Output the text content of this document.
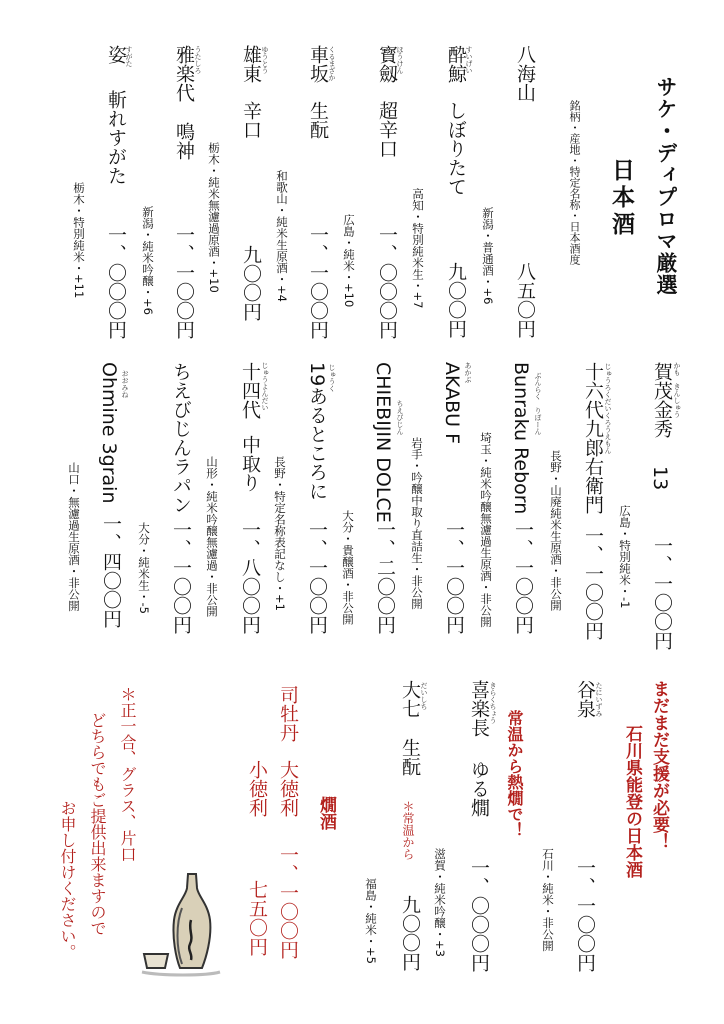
サケ・ディプロマ厳選
銘柄・産地・特定名称・日本酒度 日本酒
八海山
八五〇円
新潟・普通酒・+6
すいげい
酔鯨
しぼりたて
九〇〇円
高知・特別純米生・+7
ほうけん
寳劔
超辛口
一、〇〇〇円
広島・純米・+10
くるまざか
車坂
生酛
一、一〇〇円
和歌山・純米生原酒・+4
ゆうとう
雄東
辛口
九〇〇円
栃木・純米無濾過原酒・+10
うたしろ
雅楽代
鳴神
一、一〇〇円
新潟・純米吟醸・+6
すがた
姿
斬れすがた
一、〇〇〇円
栃木・特別純米・+11
かも　きんしゅう
賀茂金秀
13
一、一〇〇円
広島・特別純米・-1
じゅうろくだいくろうえもん
十六代九郎右衛門
一、一〇〇円
長野・山廃純米生原酒・非公開
ぶんらく　りぼーん
Bunraku Reborn
一、一〇〇円
埼玉・純米吟醸無濾過生原酒・非公開
あかぶ
AKABU F
一、一〇〇円
岩手・吟醸中取り直詰生・非公開
ちえびじん
CHIEBIJIN DOLCE
一、二〇〇円
大分・貴醸酒・非公開
じゅうく
19あるところに
一、一〇〇円
長野・特定名称表記なし・+1
じゅうよんだい
十四代
中取り
一、八〇〇円
山形・純米吟醸無濾過・非公開
ちえびじんラパン
一、一〇〇円
大分・純米生・-5
おおみね
Ohmine 3grain
一、四〇〇円
山口・無濾過生原酒・非公開
まだまだ支援が必要！
石川県能登の日本酒
たにいずみ
谷泉
一、一〇〇円
石川・純米・非公開
常温から熱燗で！
きらくちょう
喜楽長
ゆる燗
一、〇〇〇円
滋賀・純米吟醸・+3
だいしち
大七
生酛
＊常温から
九〇〇円
福島・純米・+5
燗酒
司牡丹
大徳利
一、一〇〇円
小徳利
七五〇円
＊正一合、グラス、片口
どちらでもご提供出来ますので
お申し付けください。
